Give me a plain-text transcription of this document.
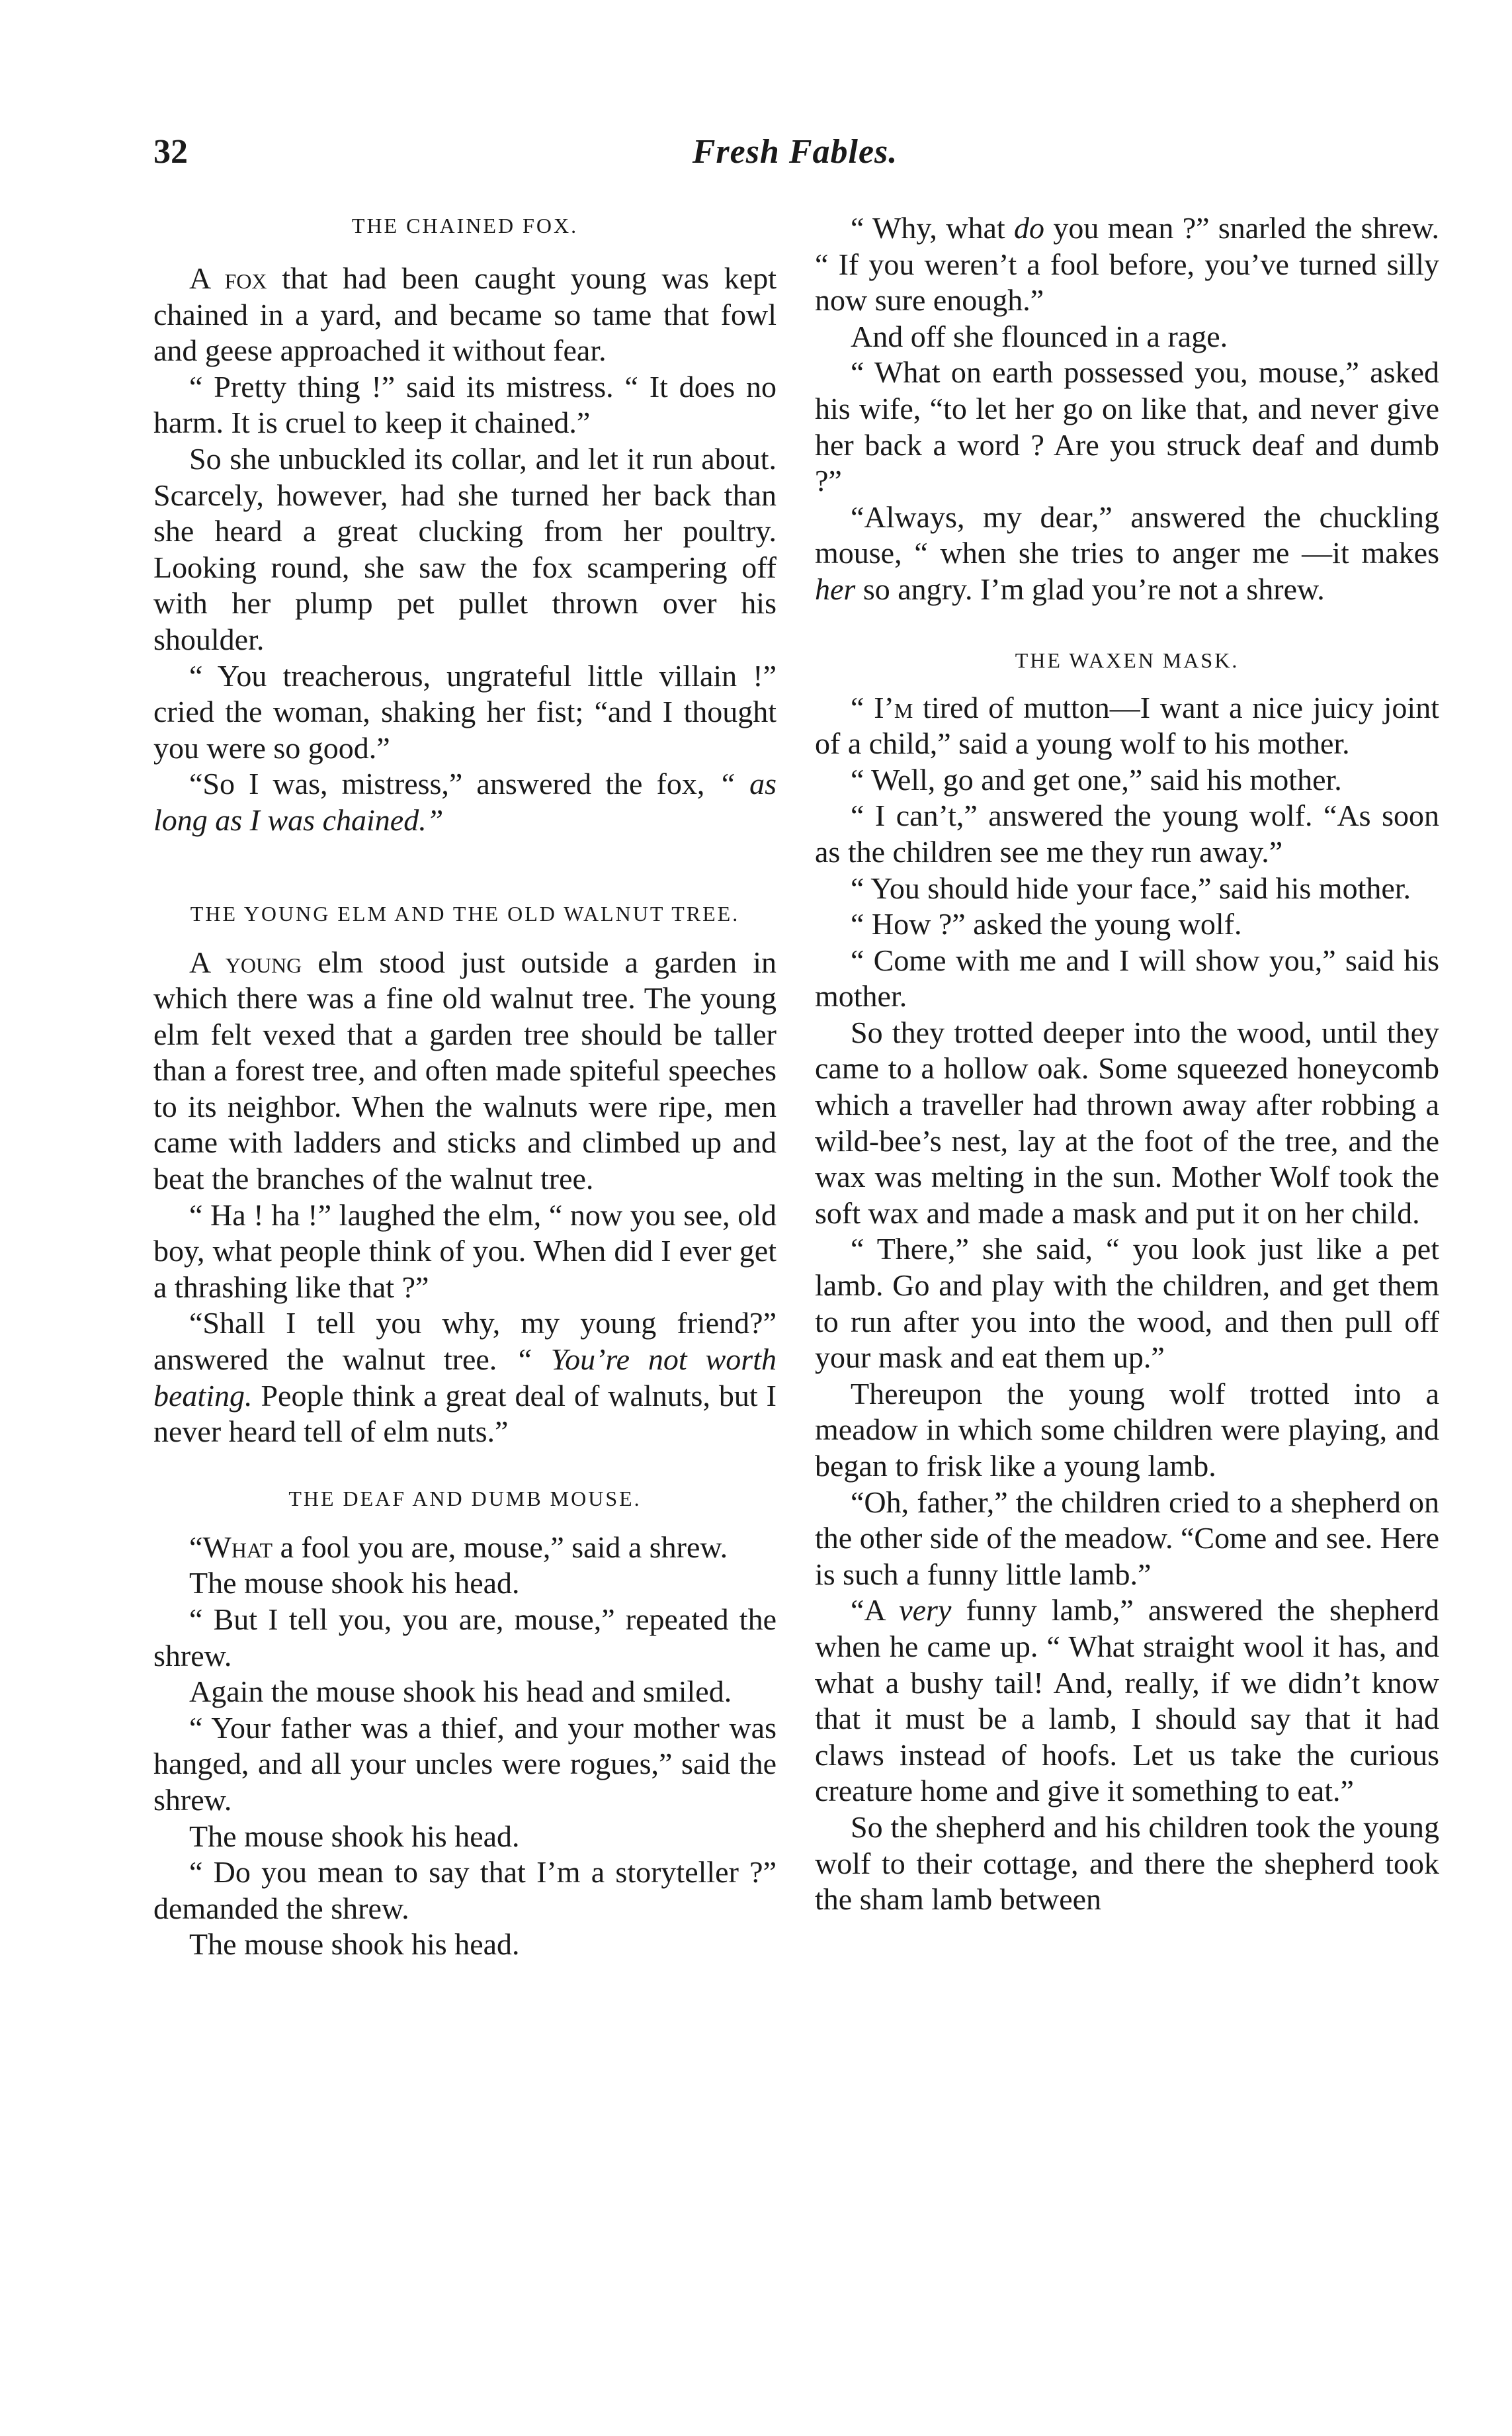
32	Fresh Fables.
THE CHAINED FOX.

A fox that had been caught young was kept chained in a yard, and became so tame that fowl and geese approached it without fear.

“ Pretty thing !” said its mistress. “ It does no harm. It is cruel to keep it chained.”

So she unbuckled its collar, and let it run about. Scarcely, however, had she turned her back than she heard a great clucking from her poultry. Looking round, she saw the fox scampering off with her plump pet pullet thrown over his shoulder.

“ You treacherous, ungrateful little villain !” cried the woman, shaking her fist; “and I thought you were so good.”

“So I was, mistress,” answered the fox, “ as long as I was chained.”

THE YOUNG ELM AND THE OLD WALNUT TREE.

A young elm stood just outside a garden in which there was a fine old walnut tree. The young elm felt vexed that a garden tree should be taller than a forest tree, and often made spiteful speeches to its neighbor. When the walnuts were ripe, men came with ladders and sticks and climbed up and beat the branches of the walnut tree.

“ Ha ! ha !” laughed the elm, “ now you see, old boy, what people think of you. When did I ever get a thrashing like that ?”

“Shall I tell you why, my young friend?” answered the walnut tree. “ You’re not worth beating. People think a great deal of walnuts, but I never heard tell of elm nuts.”

THE DEAF AND DUMB MOUSE.

“What a fool you are, mouse,” said a shrew.

The mouse shook his head.

“ But I tell you, you are, mouse,” repeated the shrew.

Again the mouse shook his head and smiled.

“ Your father was a thief, and your mother was hanged, and all your uncles were rogues,” said the shrew.

The mouse shook his head.

“ Do you mean to say that I’m a storyteller ?” demanded the shrew.

The mouse shook his head.

“ Why, what do you mean ?” snarled the shrew. “ If you weren’t a fool before, you’ve turned silly now sure enough.”

And off she flounced in a rage.

“ What on earth possessed you, mouse,” asked his wife, “to let her go on like that, and never give her back a word ? Are you struck deaf and dumb ?”

“Always, my dear,” answered the chuckling mouse, “ when she tries to anger me —it makes her so angry. I’m glad you’re not a shrew.

THE WAXEN MASK.

“ I’m tired of mutton—I want a nice juicy joint of a child,” said a young wolf to his mother.

“ Well, go and get one,” said his mother.

“ I can’t,” answered the young wolf. “As soon as the children see me they run away.”

“ You should hide your face,” said his mother.

“ How ?” asked the young wolf.

“ Come with me and I will show you,” said his mother.

So they trotted deeper into the wood, until they came to a hollow oak. Some squeezed honeycomb which a traveller had thrown away after robbing a wild-bee’s nest, lay at the foot of the tree, and the wax was melting in the sun. Mother Wolf took the soft wax and made a mask and put it on her child.

“ There,” she said, “ you look just like a pet lamb. Go and play with the children, and get them to run after you into the wood, and then pull off your mask and eat them up.”

Thereupon the young wolf trotted into a meadow in which some children were playing, and began to frisk like a young lamb.

“Oh, father,” the children cried to a shepherd on the other side of the meadow. “Come and see. Here is such a funny little lamb.”

“A very funny lamb,” answered the shepherd when he came up. “ What straight wool it has, and what a bushy tail! And, really, if we didn’t know that it must be a lamb, I should say that it had claws instead of hoofs. Let us take the curious creature home and give it something to eat.”

So the shepherd and his children took the young wolf to their cottage, and there the shepherd took the sham lamb between
